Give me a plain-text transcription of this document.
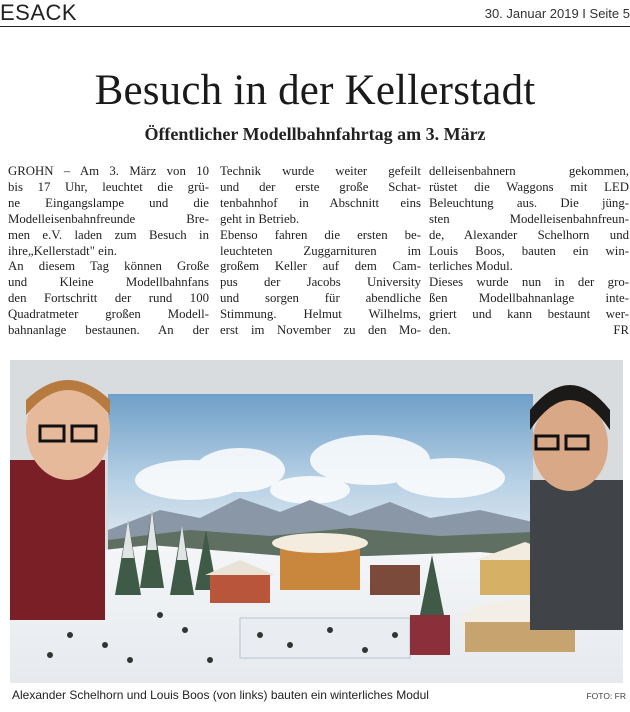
ESACK	30. Januar 2019 I Seite 5
Besuch in der Kellerstadt
Öffentlicher Modellbahnfahrtag am 3. März
GROHN – Am 3. März von 10
bis 17 Uhr, leuchtet die grü-
ne Eingangslampe und die
Modelleisenbahnfreunde Bre-
men e.V. laden zum Besuch in
ihre„Kellerstadt" ein.
An diesem Tag können Große
und Kleine Modellbahnfans
den Fortschritt der rund 100
Quadratmeter großen Modell-
bahnanlage bestaunen. An der
Technik wurde weiter gefeilt
und der erste große Schat-
tenbahnhof in Abschnitt eins
geht in Betrieb.
Ebenso fahren die ersten be-
leuchteten Zuggarnituren im
großem Keller auf dem Cam-
pus der Jacobs University
und sorgen für abendliche
Stimmung. Helmut Wilhelms,
erst im November zu den Mo-
delleisenbahnern gekommen,
rüstet die Waggons mit LED
Beleuchtung aus. Die jüng-
sten Modelleisenbahnfreun-
de, Alexander Schelhorn und
Louis Boos, bauten ein win-
terliches Modul.
Dieses wurde nun in der gro-
ßen Modellbahnanlage inte-
griert und kann bestaunt wer-
den.	FR
Alexander Schelhorn und Louis Boos (von links) bauten ein winterliches Modul	FOTO: FR
